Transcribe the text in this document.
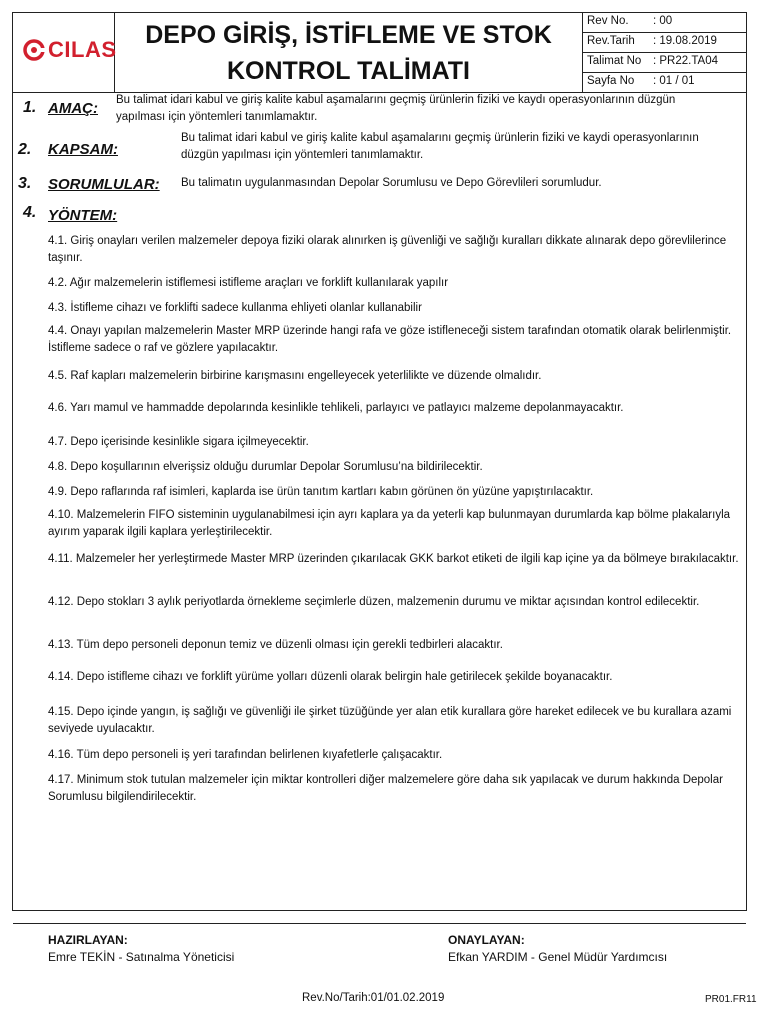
CILAS
DEPO GİRİŞ, İSTİFLEME VE STOK
KONTROL TALİMATI
Rev No. : 00
Rev.Tarih : 19.08.2019
Talimat No : PR22.TA04
Sayfa No : 01 / 01
1. AMAÇ: Bu talimat idari kabul ve giriş kalite kabul aşamalarını geçmiş ürünlerin fiziki ve kaydı operasyonlarının düzgün yapılması için yöntemleri tanımlamaktır.
2. KAPSAM:
Bu talimat idari kabul ve giriş kalite kabul aşamalarını geçmiş ürünlerin fiziki ve kaydi operasyonlarının düzgün yapılması için yöntemleri tanımlamaktır.
3. SORUMLULAR: Bu talimatın uygulanmasından Depolar Sorumlusu ve Depo Görevlileri sorumludur.
4. YÖNTEM:
4.1. Giriş onayları verilen malzemeler depoya fiziki olarak alınırken iş güvenliği ve sağlığı kuralları dikkate alınarak depo görevlilerince taşınır.
4.2. Ağır malzemelerin istiflemesi istifleme araçları ve forklift kullanılarak yapılır
4.3. İstifleme cihazı ve forklifti sadece kullanma ehliyeti olanlar kullanabilir
4.4. Onayı yapılan malzemelerin Master MRP üzerinde hangi rafa ve göze istifleneceği sistem tarafından otomatik olarak belirlenmiştir. İstifleme sadece o raf ve gözlere yapılacaktır.
4.5. Raf kapları malzemelerin birbirine karışmasını engelleyecek yeterlilikte ve düzende olmalıdır.
4.6. Yarı mamul ve hammadde depolarında kesinlikle tehlikeli, parlayıcı ve patlayıcı malzeme depolanmayacaktır.
4.7. Depo içerisinde kesinlikle sigara içilmeyecektir.
4.8. Depo koşullarının elverişsiz olduğu durumlar Depolar Sorumlusu’na bildirilecektir.
4.9. Depo raflarında raf isimleri, kaplarda ise ürün tanıtım kartları kabın görünen ön yüzüne yapıştırılacaktır.
4.10. Malzemelerin FIFO sisteminin uygulanabilmesi için ayrı kaplara ya da yeterli kap bulunmayan durumlarda kap bölme plakalarıyla ayırım yaparak ilgili kaplara yerleştirilecektir.
4.11. Malzemeler her yerleştirmede Master MRP üzerinden çıkarılacak GKK barkot etiketi de ilgili kap içine ya da bölmeye bırakılacaktır.
4.12. Depo stokları 3 aylık periyotlarda örnekleme seçimlerle düzen, malzemenin durumu ve miktar açısından kontrol edilecektir.
4.13. Tüm depo personeli deponun temiz ve düzenli olması için gerekli tedbirleri alacaktır.
4.14. Depo istifleme cihazı ve forklift yürüme yolları düzenli olarak belirgin hale getirilecek şekilde boyanacaktır.
4.15. Depo içinde yangın, iş sağlığı ve güvenliği ile şirket tüzüğünde yer alan etik kurallara göre hareket edilecek ve bu kurallara azami seviyede uyulacaktır.
4.16. Tüm depo personeli iş yeri tarafından belirlenen kıyafetlerle çalışacaktır.
4.17. Minimum stok tutulan malzemeler için miktar kontrolleri diğer malzemelere göre daha sık yapılacak ve durum hakkında Depolar Sorumlusu bilgilendirilecektir.
HAZIRLAYAN:
Emre TEKİN - Satınalma Yöneticisi
ONAYLAYAN:
Efkan YARDIM - Genel Müdür Yardımcısı
Rev.No/Tarih:01/01.02.2019	PR01.FR11
